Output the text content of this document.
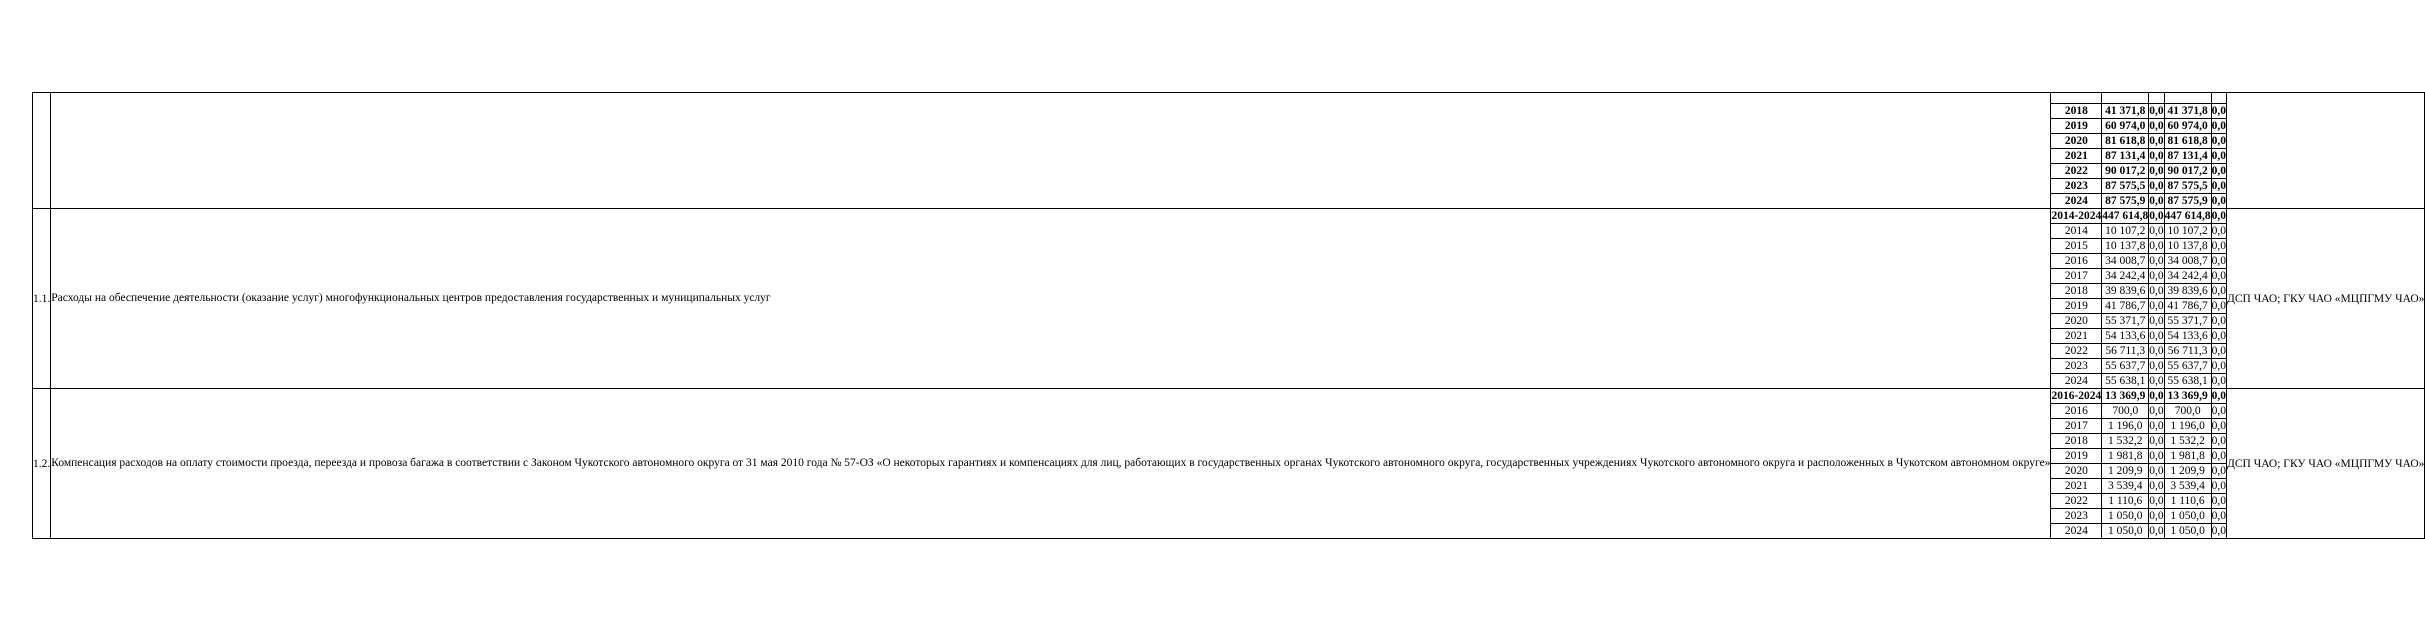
		2018	41 371,8	0,0	41 371,8	0,0	
		2019	60 974,0	0,0	60 974,0	0,0	
		2020	81 618,8	0,0	81 618,8	0,0	
		2021	87 131,4	0,0	87 131,4	0,0	
		2022	90 017,2	0,0	90 017,2	0,0	
		2023	87 575,5	0,0	87 575,5	0,0	
		2024	87 575,9	0,0	87 575,9	0,0	
1.1.	Расходы на обеспечение деятельности (оказание услуг) многофункциональных центров предоставления государственных и муниципальных услуг	2014-2024	447 614,8	0,0	447 614,8	0,0	ДСП ЧАО; ГКУ ЧАО «МЦПГМУ ЧАО»

		2014	10 107,2	0,0	10 107,2	0,0	
		2015	10 137,8	0,0	10 137,8	0,0	
		2016	34 008,7	0,0	34 008,7	0,0	
		2017	34 242,4	0,0	34 242,4	0,0	
		2018	39 839,6	0,0	39 839,6	0,0	
		2019	41 786,7	0,0	41 786,7	0,0	
		2020	55 371,7	0,0	55 371,7	0,0	
		2021	54 133,6	0,0	54 133,6	0,0	
		2022	56 711,3	0,0	56 711,3	0,0	
		2023	55 637,7	0,0	55 637,7	0,0	
		2024	55 638,1	0,0	55 638,1	0,0	
1.2.	Компенсация расходов на оплату стоимости проезда, переезда и провоза багажа в соответствии с Законом Чукотского автономного округа от 31 мая 2010 года № 57-ОЗ «О некоторых гарантиях и компенсациях для лиц, работающих в государственных органах Чукотского автономного округа, государственных учреждениях Чукотского автономного округа и расположенных в Чукотском автономном округе»	2016-2024	13 369,9	0,0	13 369,9	0,0	ДСП ЧАО; ГКУ ЧАО «МЦПГМУ ЧАО»

		2016	700,0	0,0	700,0	0,0	
		2017	1 196,0	0,0	1 196,0	0,0	
		2018	1 532,2	0,0	1 532,2	0,0	
		2019	1 981,8	0,0	1 981,8	0,0	
		2020	1 209,9	0,0	1 209,9	0,0	
		2021	3 539,4	0,0	3 539,4	0,0	
		2022	1 110,6	0,0	1 110,6	0,0	
		2023	1 050,0	0,0	1 050,0	0,0	
		2024	1 050,0	0,0	1 050,0	0,0	
